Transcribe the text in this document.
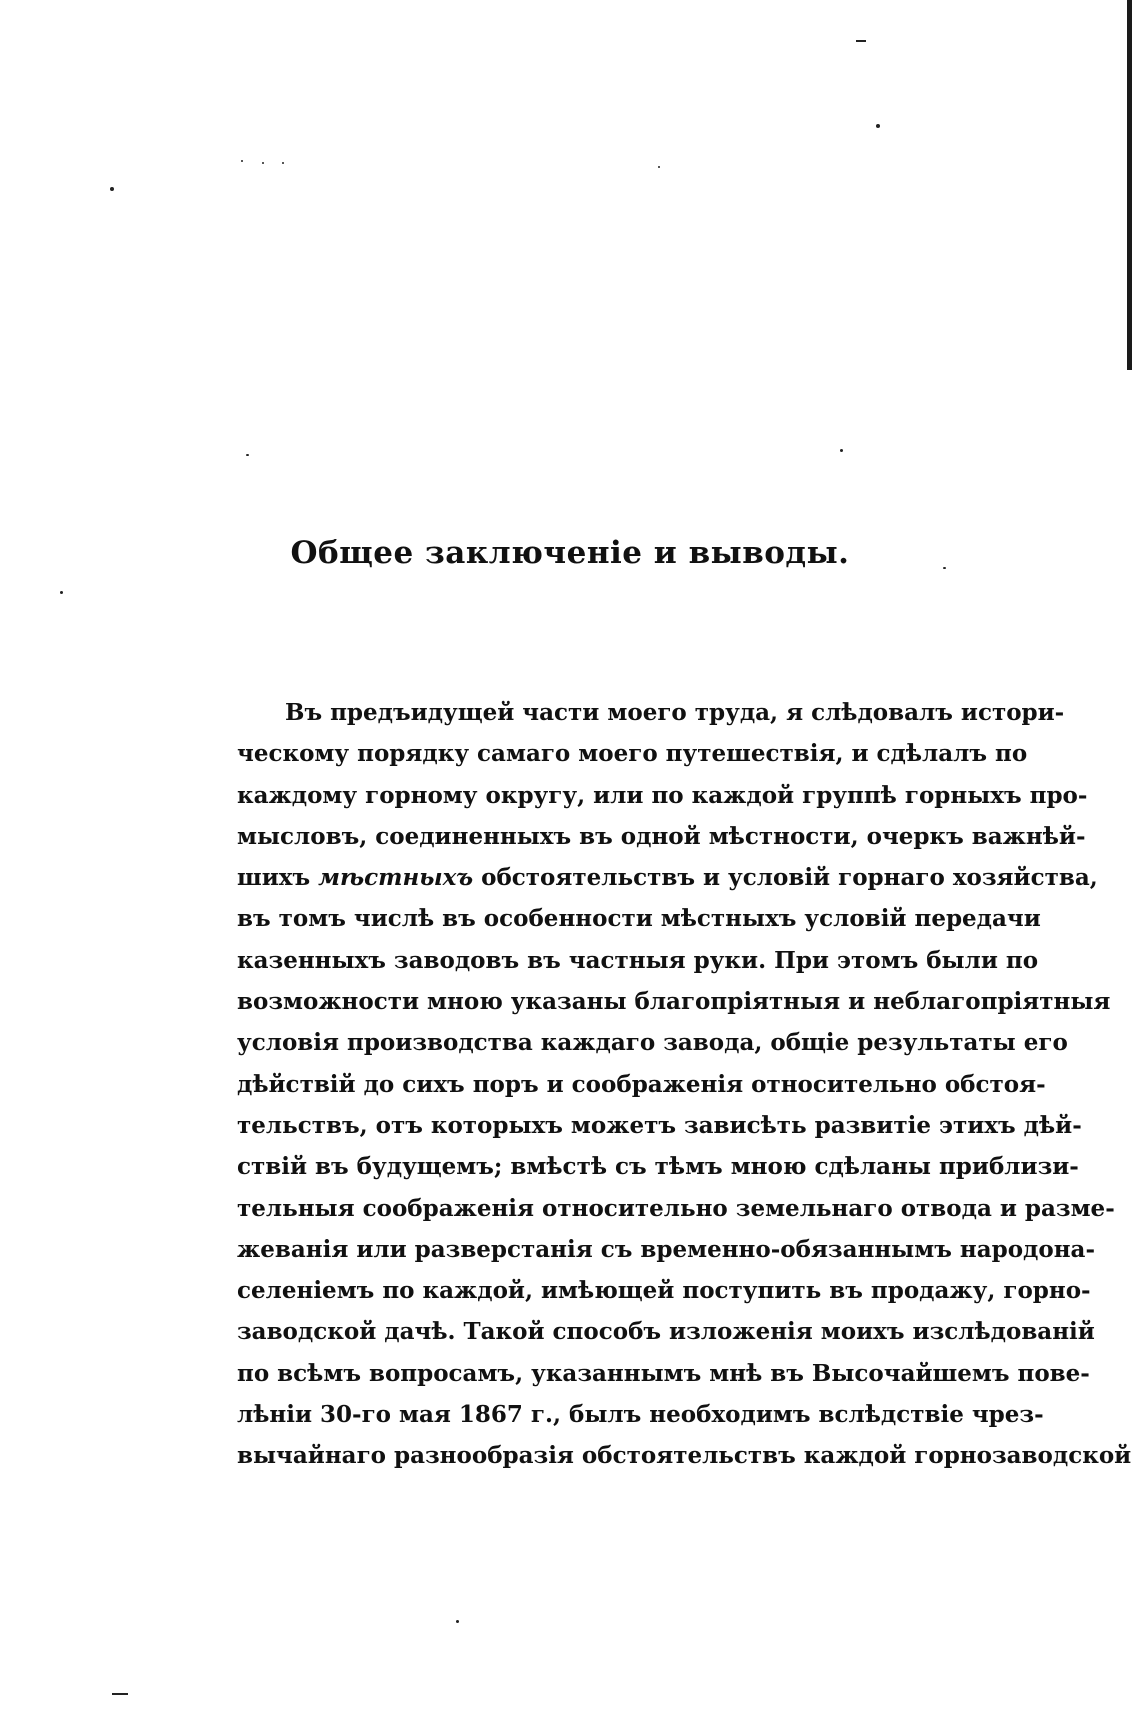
Общее заключенiе и выводы.
Въ предъидущей части моего труда, я слѣдовалъ истори-
ческому порядку самаго моего путешествiя, и сдѣлалъ по
каждому горному округу, или по каждой группѣ горныхъ про-
мысловъ, соединенныхъ въ одной мѣстности, очеркъ важнѣй-
шихъ мѣстныхъ обстоятельствъ и условiй горнаго хозяйства,
въ томъ числѣ въ особенности мѣстныхъ условiй передачи
казенныхъ заводовъ въ частныя руки. При этомъ были по
возможности мною указаны благопрiятныя и неблагопрiятныя
условiя производства каждаго завода, общiе результаты его
дѣйствiй до сихъ поръ и соображенiя относительно обстоя-
тельствъ, отъ которыхъ можетъ зависѣть развитiе этихъ дѣй-
ствiй въ будущемъ; вмѣстѣ съ тѣмъ мною сдѣланы приблизи-
тельныя соображенiя относительно земельнаго отвода и разме-
жеванiя или разверстанiя съ временно-обязаннымъ народона-
селенiемъ по каждой, имѣющей поступить въ продажу, горно-
заводской дачѣ. Такой способъ изложенiя моихъ изслѣдованiй
по всѣмъ вопросамъ, указаннымъ мнѣ въ Высочайшемъ пове-
лѣнiи 30-го мая 1867 г., былъ необходимъ вслѣдствiе чрез-
вычайнаго разнообразiя обстоятельствъ каждой горнозаводской
